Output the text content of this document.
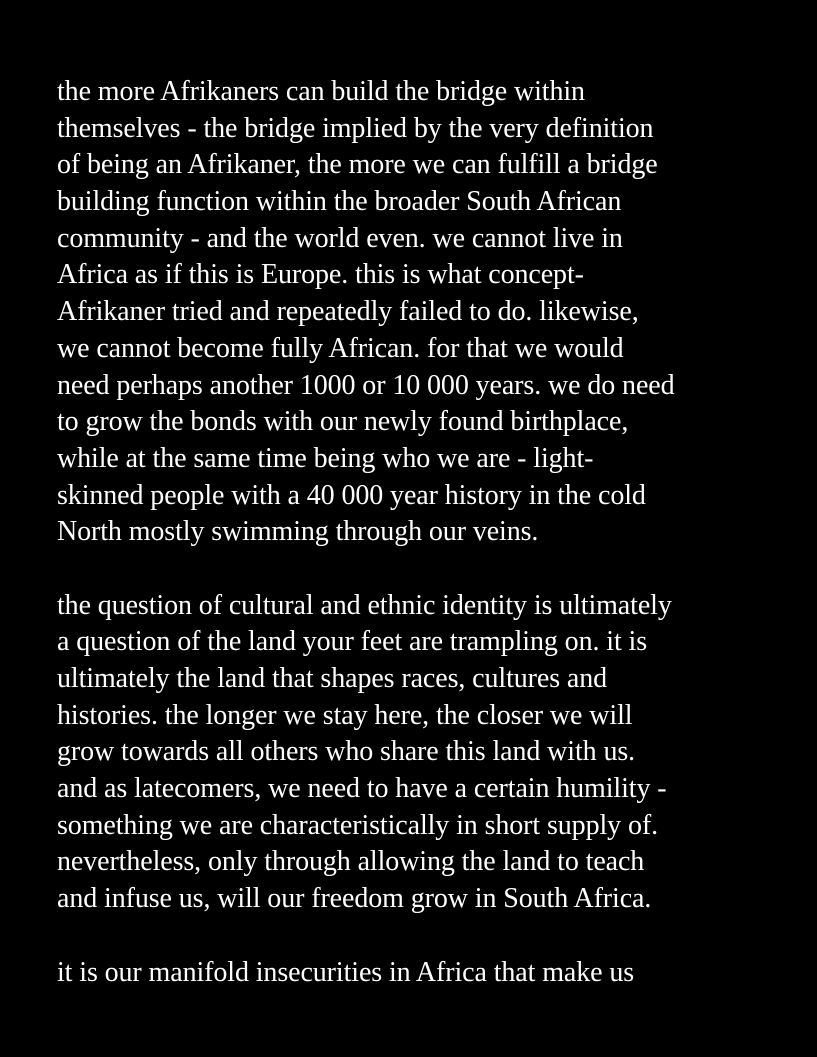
the more Afrikaners can build the bridge within
themselves - the bridge implied by the very definition
of being an Afrikaner, the more we can fulfill a bridge
building function within the broader South African
community - and the world even. we cannot live in
Africa as if this is Europe. this is what concept-
Afrikaner tried and repeatedly failed to do. likewise,
we cannot become fully African. for that we would
need perhaps another 1000 or 10 000 years. we do need
to grow the bonds with our newly found birthplace,
while at the same time being who we are - light-
skinned people with a 40 000 year history in the cold
North mostly swimming through our veins.
the question of cultural and ethnic identity is ultimately
a question of the land your feet are trampling on. it is
ultimately the land that shapes races, cultures and
histories. the longer we stay here, the closer we will
grow towards all others who share this land with us.
and as latecomers, we need to have a certain humility -
something we are characteristically in short supply of.
nevertheless, only through allowing the land to teach
and infuse us, will our freedom grow in South Africa.
it is our manifold insecurities in Africa that make us
